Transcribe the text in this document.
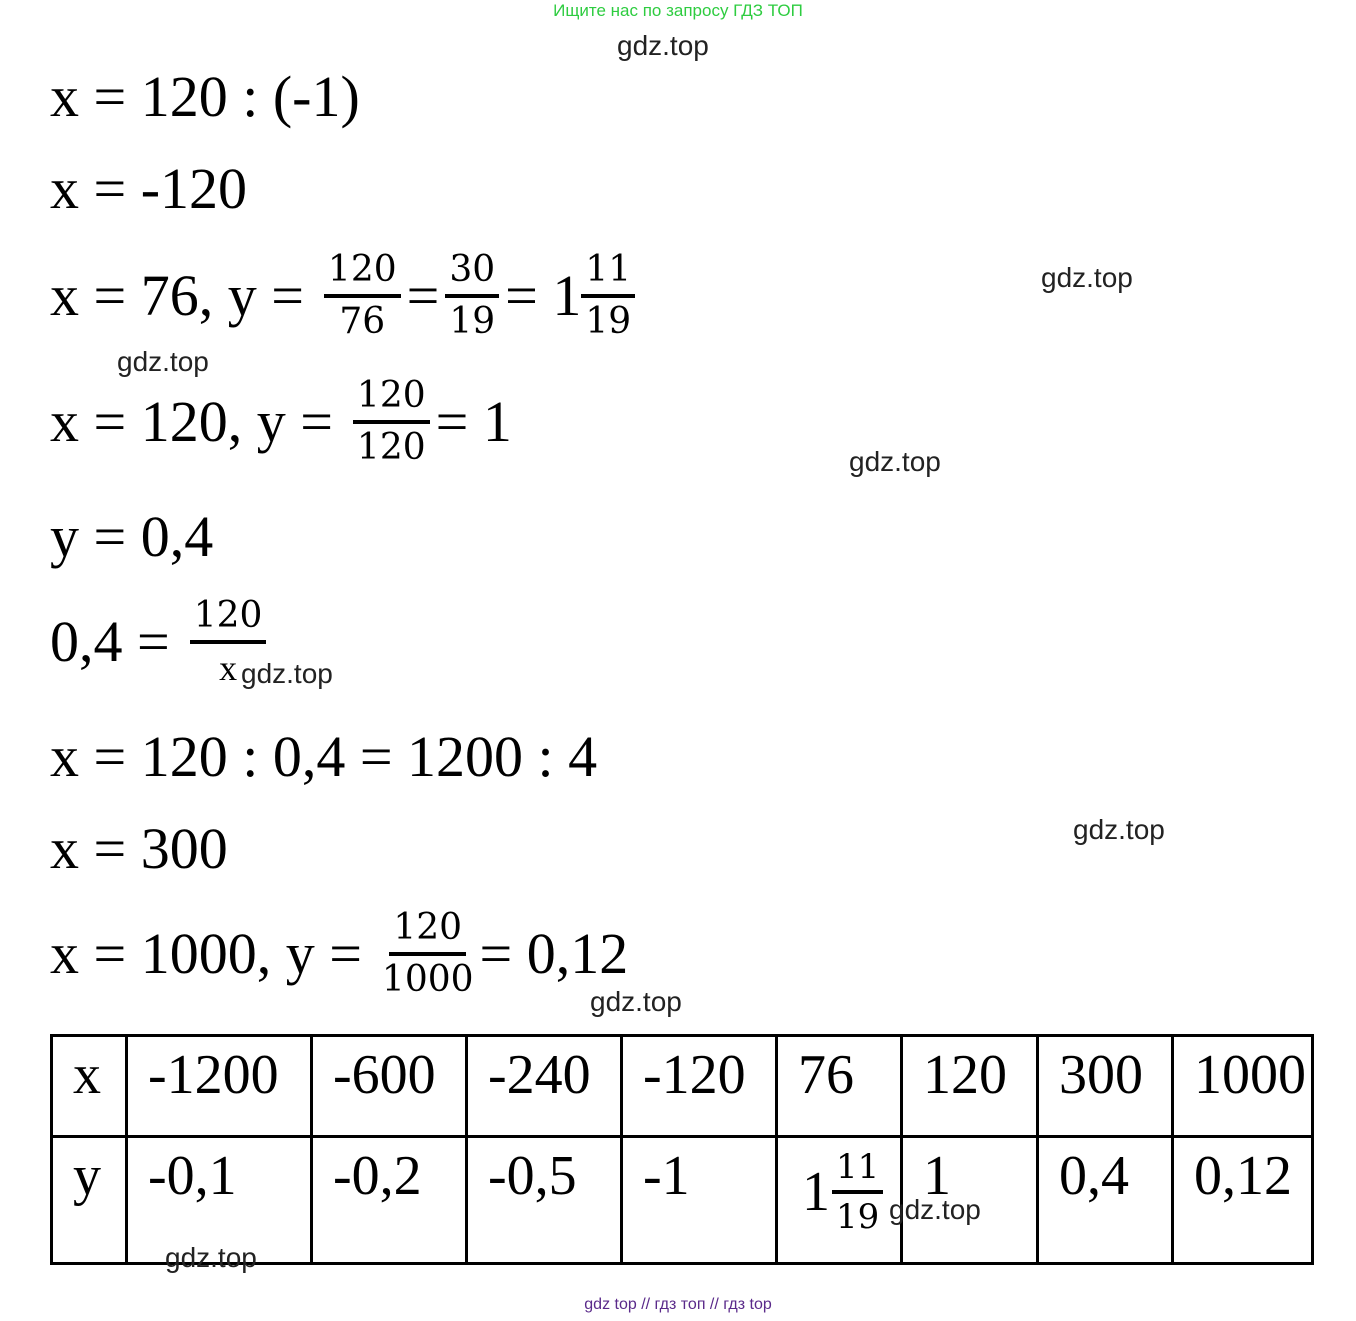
Ищите нас по запросу ГДЗ ТОП
gdz.top
gdz.top
gdz.top
gdz.top
gdz.top
gdz.top
gdz.top
gdz.top
gdz.top
x = 120 : (-1)
x = -120
x = 76, $y = \frac{120}{76} = \frac{30}{19} = 1 \frac{11}{19}$
x = 120, $y = \frac{120}{120} = 1$
y = 0,4
$0,4 = \frac{120}{x}$
x = 120 : 0,4 = 1200 : 4
x = 300
x = 1000, $y = \frac{120}{1000} = 0,12$
x	-1200	-600	-240	-120	76	120	300	1000
y	-0,1	-0,2	-0,5	-1	$1 \frac{11}{19}$	1	0,4	0,12
gdz top // гдз топ // гдз top
